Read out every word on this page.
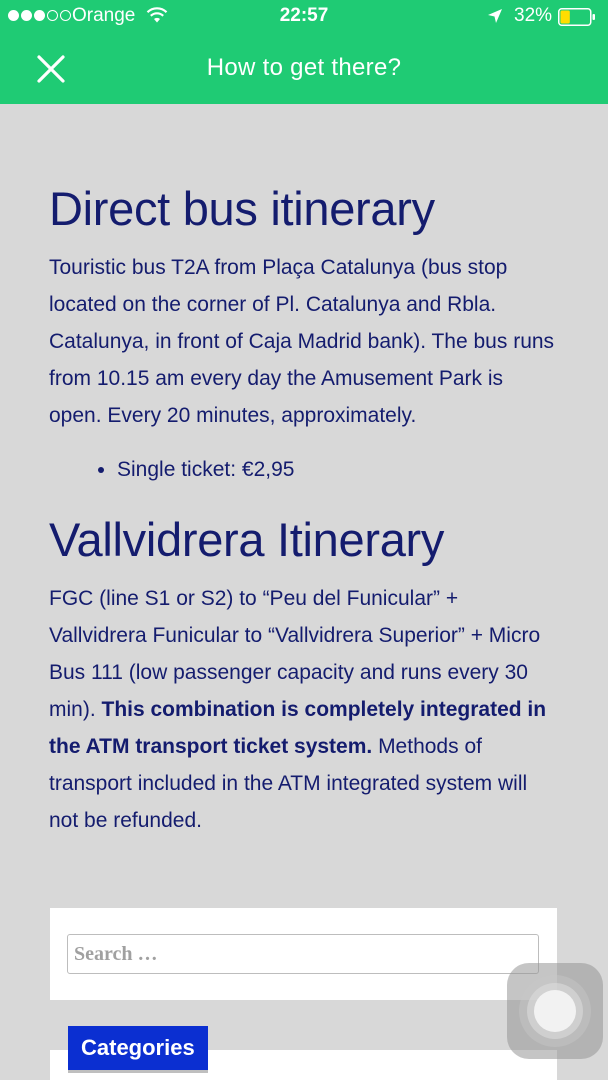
Orange	22:57	32%
How to get there?
Direct bus itinerary

Touristic bus T2A from Plaça Catalunya (bus stop located on the corner of Pl. Catalunya and Rbla. Catalunya, in front of Caja Madrid bank). The bus runs from 10.15 am every day the Amusement Park is open. Every 20 minutes, approximately.

• Single ticket: €2,95
Vallvidrera Itinerary

FGC (line S1 or S2) to “Peu del Funicular” + Vallvidrera Funicular to “Vallvidrera Superior” + Micro Bus 111 (low passenger capacity and runs every 30 min). This combination is completely integrated in the ATM transport ticket system. Methods of transport included in the ATM integrated system will not be refunded.

Search …
Categories
